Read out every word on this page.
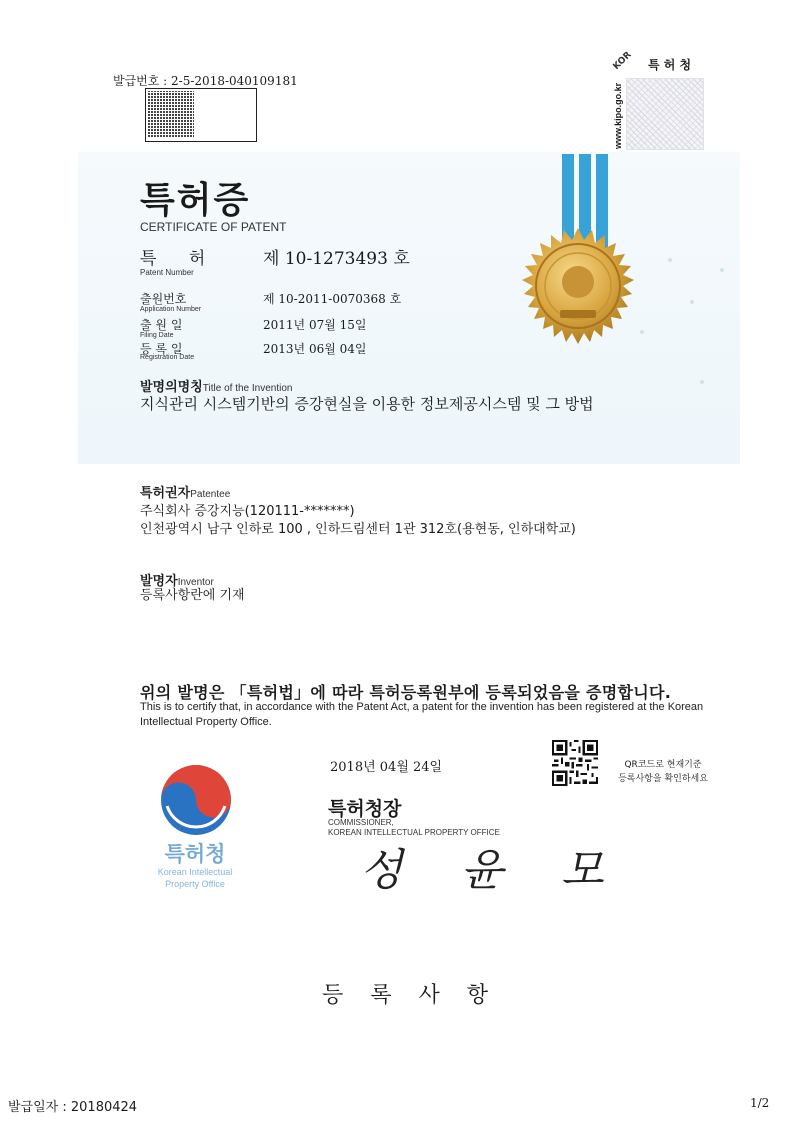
발급번호 : 2-5-2018-040109181
KOR 특 허 청
www.kipo.go.kr
특허증
CERTIFICATE OF PATENT
특      허
Patent Number
제 10-1273493 호
출원번호
Application Number
제 10-2011-0070368 호
출 원 일
Filing Date
2011년 07월 15일
등 록 일
Registration Date
2013년 06월 04일
발명의명칭Title of the Invention
지식관리 시스템기반의 증강현실을 이용한 정보제공시스템 및 그 방법
특허권자Patentee
주식회사 증강지능(120111-*******)
인천광역시 남구 인하로 100 , 인하드림센터 1관 312호(용현동, 인하대학교)
발명자Inventor
등록사항란에 기재
위의 발명은 「특허법」에 따라 특허등록원부에 등록되었음을 증명합니다.
This is to certify that, in accordance with the Patent Act, a patent for the invention has been registered at the Korean Intellectual Property Office.
2018년 04월 24일	QR코드로 현재기준
등록사항을 확인하세요
특허청
Korean Intellectual
Property Office
특허청장
COMMISSIONER,
KOREAN INTELLECTUAL PROPERTY OFFICE
성 윤 모
등 록 사 항
발급일자 : 20180424	1/2
